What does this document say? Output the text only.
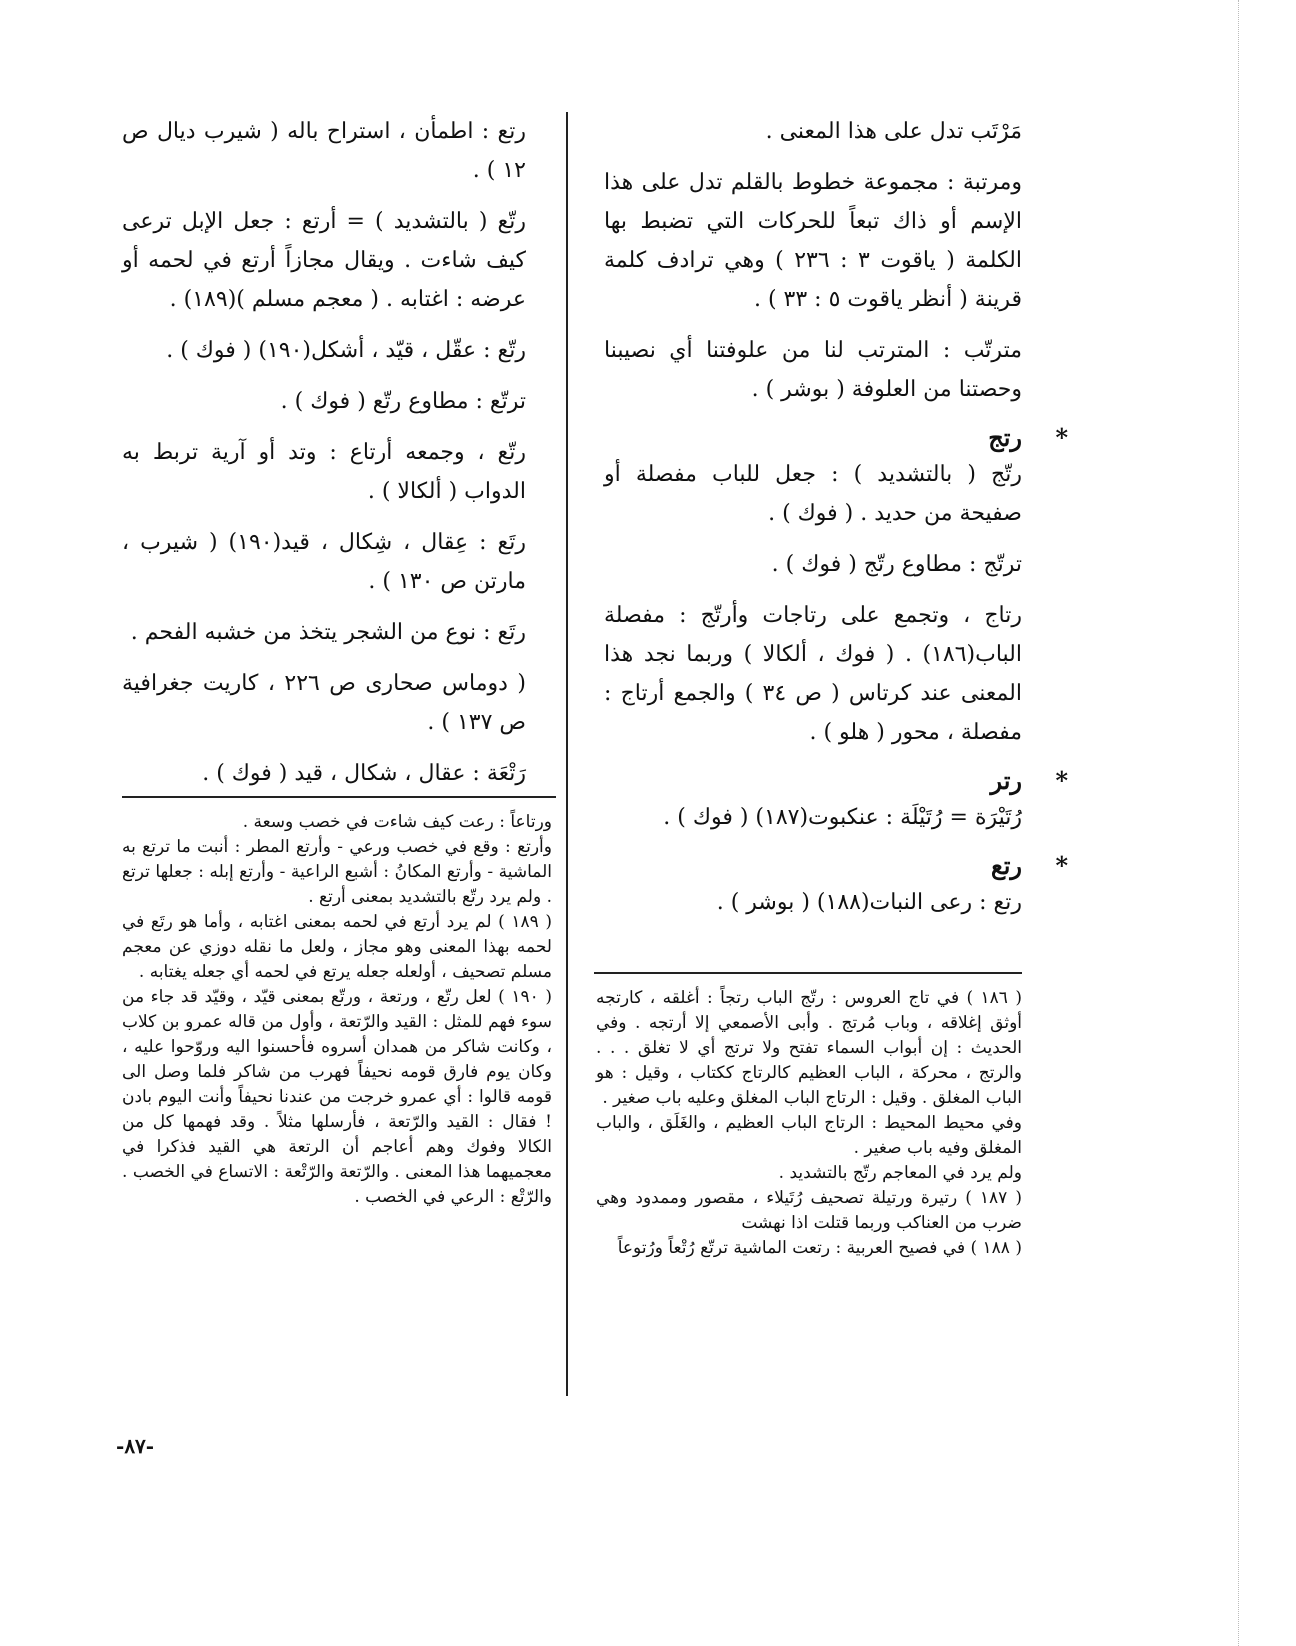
مَرْتَب تدل على هذا المعنى .

ومرتبة : مجموعة خطوط بالقلم تدل على هذا الإسم أو ذاك تبعاً للحركات التي تضبط بها الكلمة ( ياقوت ٣ : ٢٣٦ ) وهي ترادف كلمة قرينة ( أنظر ياقوت ٥ : ٣٣ ) .

مترتّب : المترتب لنا من علوفتنا أي نصيبنا وحصتنا من العلوفة ( بوشر ) .

*
رتج

رتّج ( بالتشديد ) : جعل للباب مفصلة أو صفيحة من حديد . ( فوك ) .

ترتّج : مطاوع رتّج ( فوك ) .

رتاج ، وتجمع على رتاجات وأرتّج : مفصلة الباب(١٨٦) . ( فوك ، ألكالا ) وربما نجد هذا المعنى عند كرتاس ( ص ٣٤ ) والجمع أرتاج : مفصلة ، محور ( هلو ) .

*
رتر

رُتَيْرَة = رُتَيْلَة : عنكبوت(١٨٧) ( فوك ) .

*
رتع

رتع : رعى النبات(١٨٨) ( بوشر ) .

رتع : اطمأن ، استراح باله ( شيرب ديال ص ١٢ ) .

رتّع ( بالتشديد ) = أرتع : جعل الإبل ترعى كيف شاءت . ويقال مجازاً أرتع في لحمه أو عرضه : اغتابه . ( معجم مسلم )(١٨٩) .

رتّع : عقّل ، قيّد ، أشكل(١٩٠) ( فوك ) .

ترتّع : مطاوع رتّع ( فوك ) .

رتّع ، وجمعه أرتاع : وتد أو آرية تربط به الدواب ( ألكالا ) .

رتَع : عِقال ، شِكال ، قيد(١٩٠) ( شيرب ، مارتن ص ١٣٠ ) .

رتَع : نوع من الشجر يتخذ من خشبه الفحم .

( دوماس صحارى ص ٢٢٦ ، كاريت جغرافية ص ١٣٧ ) .

رَتْعَة : عقال ، شكال ، قيد ( فوك ) .

ورتاعاً : رعت كيف شاءت في خصب وسعة .

وأرتع : وقع في خصب ورعي - وأرتع المطر : أنبت ما ترتع به الماشية - وأرتع المكانُ : أشبع الراعية - وأرتع إبله : جعلها ترتع . ولم يرد رتّع بالتشديد بمعنى أرتع .

( ١٨٩ ) لم يرد أرتع في لحمه بمعنى اغتابه ، وأما هو رتَع في لحمه بهذا المعنى وهو مجاز ، ولعل ما نقله دوزي عن معجم مسلم تصحيف ، أولعله جعله يرتع في لحمه أي جعله يغتابه .

( ١٩٠ ) لعل رتّع ، ورتعة ، ورتّع بمعنى قيّد ، وقيّد قد جاء من سوء فهم للمثل : القيد والرّتعة ، وأول من قاله عمرو بن كلاب ، وكانت شاكر من همدان أسروه فأحسنوا اليه وروّحوا عليه ، وكان يوم فارق قومه نحيفاً فهرب من شاكر فلما وصل الى قومه قالوا : أي عمرو خرجت من عندنا نحيفاً وأنت اليوم بادن ! فقال : القيد والرّتعة ، فأرسلها مثلاً . وقد فهمها كل من الكالا وفوك وهم أعاجم أن الرتعة هي القيد فذكرا في معجميهما هذا المعنى . والرّتعة والرّتْعة : الاتساع في الخصب . والرّتْع : الرعي في الخصب .

( ١٨٦ ) في تاج العروس : رتّج الباب رتجاً : أغلقه ، كارتجه أوثق إغلاقه ، وباب مُرتج . وأبى الأصمعي إلا أرتجه . وفي الحديث : إن أبواب السماء تفتح ولا ترتج أي لا تغلق . . . والرتج ، محركة ، الباب العظيم كالرتاج ككتاب ، وقيل : هو الباب المغلق . وقيل : الرتاج الباب المغلق وعليه باب صغير .

وفي محيط المحيط : الرتاج الباب العظيم ، والغَلَق ، والباب المغلق وفيه باب صغير .

ولم يرد في المعاجم رتّج بالتشديد .

( ١٨٧ ) رتيرة ورتيلة تصحيف رُتَيلاء ، مقصور وممدود وهي ضرب من العناكب وربما قتلت اذا نهشت

( ١٨٨ ) في فصيح العربية : رتعت الماشية ترتّع رُتْعاً ورُتوعاً

-٨٧-
